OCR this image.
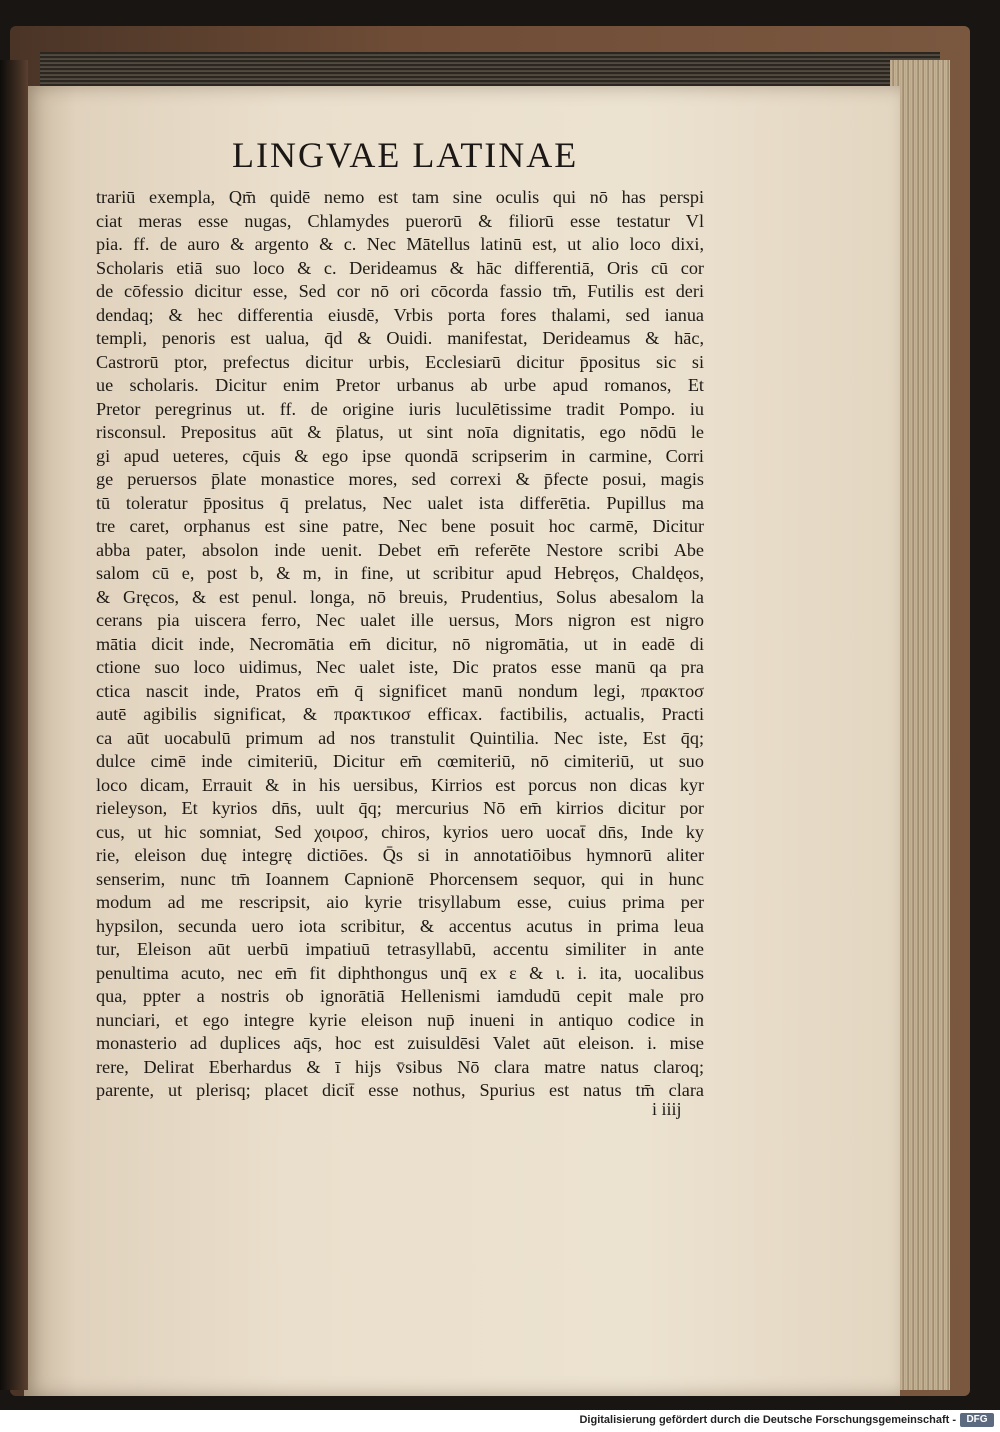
LINGVAE LATINAE
trariū exempla, Qm̄ quidē nemo est tam sine oculis qui nō has perspi
ciat meras esse nugas, Chlamydes puerorū & filiorū esse testatur Vl
pia. ff. de auro & argento & c. Nec Mātellus latinū est, ut alio loco dixi,
Scholaris etiā suo loco & c. Derideamus & hāc differentiā, Oris cū cor
de cōfessio dicitur esse, Sed cor nō ori cōcorda fassio tm̄, Futilis est deri
dendaq; & hec differentia eiusdē, Vrbis porta fores thalami, sed ianua
templi, penoris est ualua, q̄d & Ouidi. manifestat, Derideamus & hāc,
Castrorū ptor, prefectus dicitur urbis, Ecclesiarū dicitur p̄positus sic si
ue scholaris. Dicitur enim Pretor urbanus ab urbe apud romanos, Et
Pretor peregrinus ut. ff. de origine iuris luculētissime tradit Pompo. iu
risconsul. Prepositus aūt & p̄latus, ut sint noīa dignitatis, ego nōdū le
gi apud ueteres, cq̄uis & ego ipse quondā scripserim in carmine, Corri
ge peruersos p̄late monastice mores, sed correxi & p̄fecte posui, magis
tū toleratur p̄positus q̄ prelatus, Nec ualet ista differētia. Pupillus ma
tre caret, orphanus est sine patre, Nec bene posuit hoc carmē, Dicitur
abba pater, absolon inde uenit. Debet em̄ referēte Nestore scribi Abe
salom cū e, post b, & m, in fine, ut scribitur apud Hebręos, Chaldęos,
& Gręcos, & est penul. longa, nō breuis, Prudentius, Solus abesalom la
cerans pia uiscera ferro, Nec ualet ille uersus, Mors nigron est nigro
mātia dicit inde, Necromātia em̄ dicitur, nō nigromātia, ut in eadē di
ctione suo loco uidimus, Nec ualet iste, Dic pratos esse manū qa pra
ctica nascit inde, Pratos em̄ q̄ significet manū nondum legi, πρακτοσ
autē agibilis significat, & πρακτικοσ efficax. factibilis, actualis, Practi
ca aūt uocabulū primum ad nos transtulit Quintilia. Nec iste, Est q̄q;
dulce cimē inde cimiteriū, Dicitur em̄ cœmiteriū, nō cimiteriū, ut suo
loco dicam, Errauit & in his uersibus, Kirrios est porcus non dicas kyr
rieleyson, Et kyrios dn̄s, uult q̄q; mercurius Nō em̄ kirrios dicitur por
cus, ut hic somniat, Sed χοιροσ, chiros, kyrios uero uocat̄ dn̄s, Inde ky
rie, eleison duę integrę dictiōes. Q̄s si in annotatiōibus hymnorū aliter
senserim, nunc tm̄ Ioannem Capnionē Phorcensem sequor, qui in hunc
modum ad me rescripsit, aio kyrie trisyllabum esse, cuius prima per
hypsilon, secunda uero iota scribitur, & accentus acutus in prima leua
tur, Eleison aūt uerbū impatiuū tetrasyllabū, accentu similiter in ante
penultima acuto, nec em̄ fit diphthongus unq̄ ex ε & ι. i. ita, uocalibus
qua, ppter a nostris ob ignorātiā Hellenismi iamdudū cepit male pro
nunciari, et ego integre kyrie eleison nup̄ inueni in antiquo codice in
monasterio ad duplices aq̄s, hoc est zuisuldēsi Valet aūt eleison. i. mise
rere, Delirat Eberhardus & ī hijs v̄sibus Nō clara matre natus claroq;
parente, ut plerisq; placet dicit̄ esse nothus, Spurius est natus tm̄ clara
i iiij
Digitalisierung gefördert durch die Deutsche Forschungsgemeinschaft -	DFG
